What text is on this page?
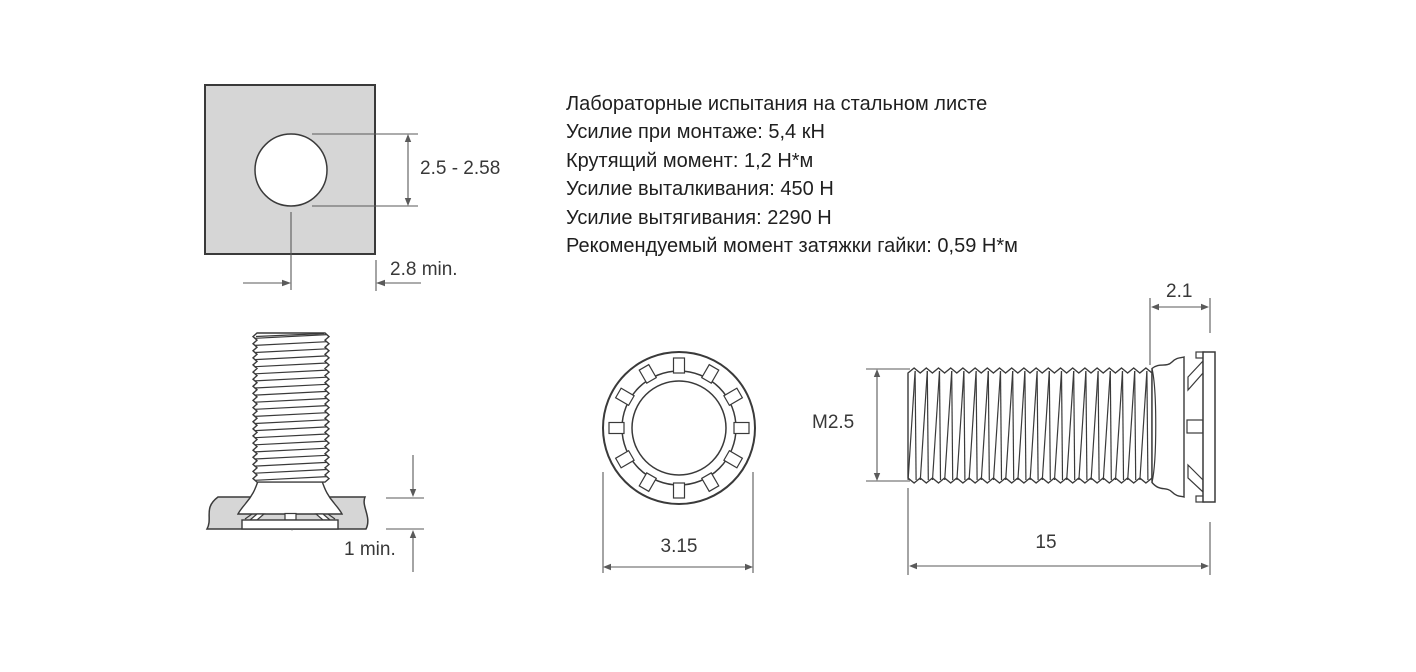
Лабораторные испытания на стальном листе
Усилие при монтаже: 5,4 кН
Крутящий момент: 1,2 Н*м
Усилие выталкивания: 450 Н
Усилие вытягивания: 2290 Н
Рекомендуемый момент затяжки гайки: 0,59 Н*м
2.5 - 2.58
2.8 min.
1 min.	3.15
M2.5
2.1
15
